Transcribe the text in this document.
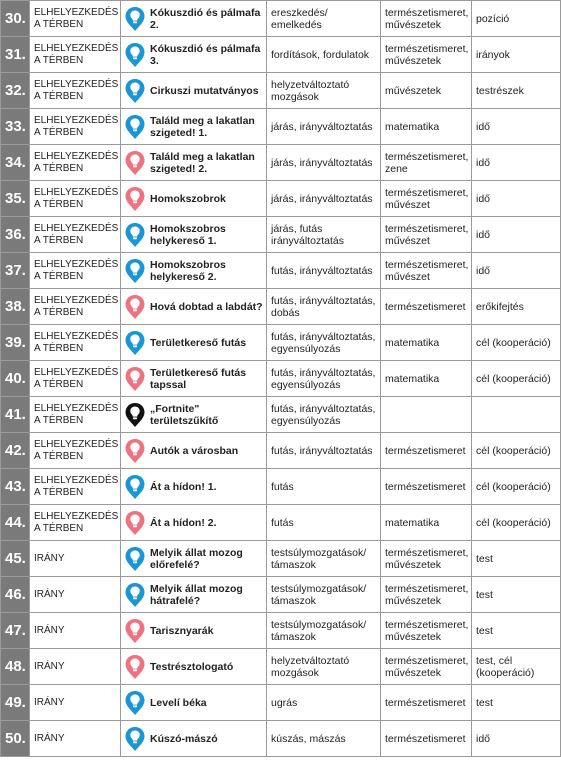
30.	ELHELYEZKEDÉS A TÉRBEN	Kókuszdió és pálmafa 2.	ereszkedés/ emelkedés	természetismeret, művészetek	pozíció

31.	ELHELYEZKEDÉS A TÉRBEN	Kókuszdió és pálmafa 3.	fordítások, fordulatok	természetismeret, művészetek	irányok

32.	ELHELYEZKEDÉS A TÉRBEN	Cirkuszi mutatványos	helyzetváltoztató mozgások	művészetek	testrészek

33.	ELHELYEZKEDÉS A TÉRBEN	Találd meg a lakatlan szigeted! 1.	járás, irányváltoztatás	matematika	idő

34.	ELHELYEZKEDÉS A TÉRBEN	Találd meg a lakatlan szigeted! 2.	járás, irányváltoztatás	természetismeret, zene	idő

35.	ELHELYEZKEDÉS A TÉRBEN	Homokszobrok	járás, irányváltoztatás	természetismeret, művészet	idő

36.	ELHELYEZKEDÉS A TÉRBEN	Homokszobros helykereső 1.	járás, futás irányváltoztatás	természetismeret, művészet	idő

37.	ELHELYEZKEDÉS A TÉRBEN	Homokszobros helykereső 2.	futás, irányváltoztatás	természetismeret, művészet	idő

38.	ELHELYEZKEDÉS A TÉRBEN	Hová dobtad a labdát?	futás, irányváltoztatás, dobás	természetismeret	erőkifejtés

39.	ELHELYEZKEDÉS A TÉRBEN	Területkereső futás	futás, irányváltoztatás, egyensúlyozás	matematika	cél (kooperáció)

40.	ELHELYEZKEDÉS A TÉRBEN	Területkereső futás tapssal	futás, irányváltoztatás, egyensúlyozás	matematika	cél (kooperáció)

41.	ELHELYEZKEDÉS A TÉRBEN	„Fortnite" területszűkítő	futás, irányváltoztatás, egyensúlyozás		

42.	ELHELYEZKEDÉS A TÉRBEN	Autók a városban	futás, irányváltoztatás	természetismeret	cél (kooperáció)

43.	ELHELYEZKEDÉS A TÉRBEN	Át a hídon! 1.	futás	természetismeret	cél (kooperáció)

44.	ELHELYEZKEDÉS A TÉRBEN	Át a hídon! 2.	futás	matematika	cél (kooperáció)

45.	IRÁNY	Melyik állat mozog előrefelé?	testsúlymozgatások/ támaszok	természetismeret, művészetek	test

46.	IRÁNY	Melyik állat mozog hátrafelé?	testsúlymozgatások/ támaszok	természetismeret, művészetek	test

47.	IRÁNY	Tarisznyarák	testsúlymozgatások/ támaszok	természetismeret, művészetek	test

48.	IRÁNY	Testrésztologató	helyzetváltoztató mozgások	természetismeret, művészetek	test, cél (kooperáció)

49.	IRÁNY	Levelí béka	ugrás	természetismeret	test

50.	IRÁNY	Kúszó-mászó	kúszás, mászás	természetismeret	idő
